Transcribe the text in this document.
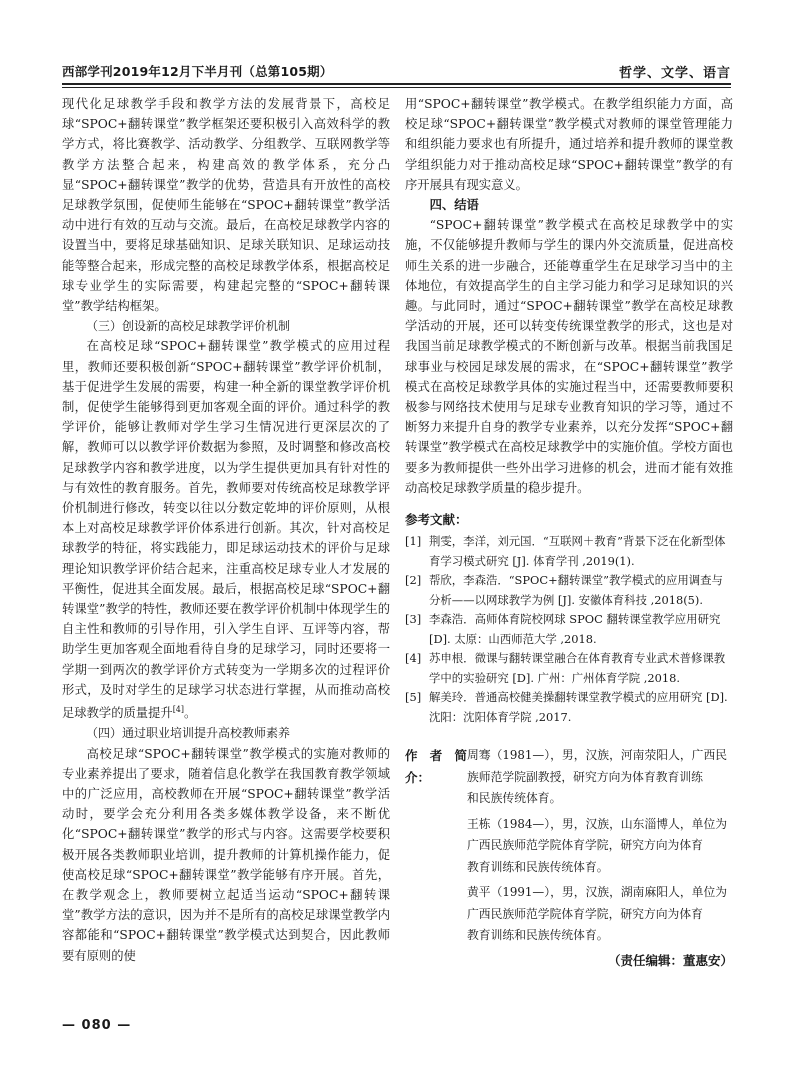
西部学刊2019年12月下半月刊（总第105期）	哲学、文学、语言

现代化足球教学手段和教学方法的发展背景下，高校足球“SPOC+翻转课堂”教学框架还要积极引入高效科学的教学方式，将比赛教学、活动教学、分组教学、互联网教学等教学方法整合起来，构建高效的教学体系，充分凸显“SPOC+翻转课堂”教学的优势，营造具有开放性的高校足球教学氛围，促使师生能够在“SPOC+翻转课堂”教学活动中进行有效的互动与交流。最后，在高校足球教学内容的设置当中，要将足球基础知识、足球关联知识、足球运动技能等整合起来，形成完整的高校足球教学体系，根据高校足球专业学生的实际需要，构建起完整的“SPOC+翻转课堂”教学结构框架。

（三）创设新的高校足球教学评价机制

在高校足球“SPOC+翻转课堂”教学模式的应用过程里，教师还要积极创新“SPOC+翻转课堂”教学评价机制，基于促进学生发展的需要，构建一种全新的课堂教学评价机制，促使学生能够得到更加客观全面的评价。通过科学的教学评价，能够让教师对学生学习生情况进行更深层次的了解，教师可以以教学评价数据为参照，及时调整和修改高校足球教学内容和教学进度，以为学生提供更加具有针对性的与有效性的教育服务。首先，教师要对传统高校足球教学评价机制进行修改，转变以往以分数定乾坤的评价原则，从根本上对高校足球教学评价体系进行创新。其次，针对高校足球教学的特征，将实践能力，即足球运动技术的评价与足球理论知识教学评价结合起来，注重高校足球专业人才发展的平衡性，促进其全面发展。最后，根据高校足球“SPOC+翻转课堂”教学的特性，教师还要在教学评价机制中体现学生的自主性和教师的引导作用，引入学生自评、互评等内容，帮助学生更加客观全面地看待自身的足球学习，同时还要将一学期一到两次的教学评价方式转变为一学期多次的过程评价形式，及时对学生的足球学习状态进行掌握，从而推动高校足球教学的质量提升[4]。

（四）通过职业培训提升高校教师素养

高校足球“SPOC+翻转课堂”教学模式的实施对教师的专业素养提出了要求，随着信息化教学在我国教育教学领域中的广泛应用，高校教师在开展“SPOC+翻转课堂”教学活动时，要学会充分利用各类多媒体教学设备，来不断优化“SPOC+翻转课堂”教学的形式与内容。这需要学校要积极开展各类教师职业培训，提升教师的计算机操作能力，促使高校足球“SPOC+翻转课堂”教学能够有序开展。首先，在教学观念上，教师要树立起适当运动“SPOC+翻转课堂”教学方法的意识，因为并不是所有的高校足球课堂教学内容都能和“SPOC+翻转课堂”教学模式达到契合，因此教师要有原则的使

用“SPOC+翻转课堂”教学模式。在教学组织能力方面，高校足球“SPOC+翻转课堂”教学模式对教师的课堂管理能力和组织能力要求也有所提升，通过培养和提升教师的课堂教学组织能力对于推动高校足球“SPOC+翻转课堂”教学的有序开展具有现实意义。

四、结语

“SPOC+翻转课堂”教学模式在高校足球教学中的实施，不仅能够提升教师与学生的课内外交流质量，促进高校师生关系的进一步融合，还能尊重学生在足球学习当中的主体地位，有效提高学生的自主学习能力和学习足球知识的兴趣。与此同时，通过“SPOC+翻转课堂”教学在高校足球教学活动的开展，还可以转变传统课堂教学的形式，这也是对我国当前足球教学模式的不断创新与改革。根据当前我国足球事业与校园足球发展的需求，在“SPOC+翻转课堂”教学模式在高校足球教学具体的实施过程当中，还需要教师要积极参与网络技术使用与足球专业教育知识的学习等，通过不断努力来提升自身的教学专业素养，以充分发挥“SPOC+翻转课堂”教学模式在高校足球教学中的实施价值。学校方面也要多为教师提供一些外出学习进修的机会，进而才能有效推动高校足球教学质量的稳步提升。

参考文献：
[1] 荆雯，李洋，刘元国．“互联网＋教育”背景下泛在化新型体育学习模式研究 [J]. 体育学刊 ,2019(1).
[2] 帮欣，李森浩．“SPOC+翻转课堂”教学模式的应用调查与分析——以网球教学为例 [J]. 安徽体育科技 ,2018(5).
[3] 李森浩．高师体育院校网球 SPOC 翻转课堂教学应用研究 [D]. 太原：山西师范大学 ,2018.
[4] 苏申根．微课与翻转课堂融合在体育教育专业武术普修课教学中的实验研究 [D]. 广州：广州体育学院 ,2018.
[5] 解美玲．普通高校健美操翻转课堂教学模式的应用研究 [D]. 沈阳：沈阳体育学院 ,2017.
作者简介：
周骞（1981—），男，汉族，河南荥阳人，广西民
族师范学院副教授，研究方向为体育教育训练
和民族传统体育。
王栋（1984—），男，汉族，山东淄博人，单位为
广西民族师范学院体育学院，研究方向为体育
教育训练和民族传统体育。
黄平（1991—），男，汉族，湖南麻阳人，单位为
广西民族师范学院体育学院，研究方向为体育
教育训练和民族传统体育。
（责任编辑：董惠安）
— 080 —
